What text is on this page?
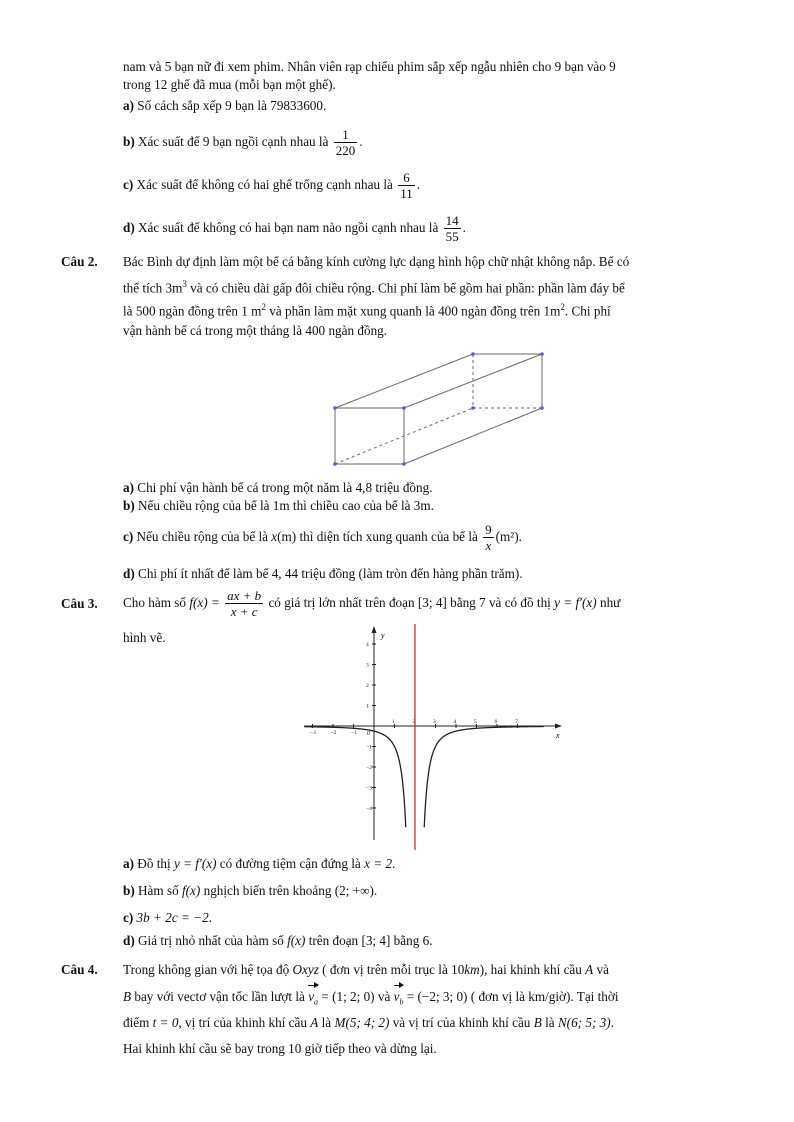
nam và 5 bạn nữ đi xem phim. Nhân viên rạp chiếu phim sắp xếp ngẫu nhiên cho 9 bạn vào 9
trong 12 ghế đã mua (mỗi bạn một ghế).
a) Số cách sắp xếp 9 bạn là 79833600.
b) Xác suất để 9 bạn ngồi cạnh nhau là $\frac{1}{220}$ .
c) Xác suất để không có hai ghế trống cạnh nhau là $\frac{6}{11}$ .
d) Xác suất để không có hai bạn nam nào ngồi cạnh nhau là $\frac{14}{55}$ .
Câu 2. Bác Bình dự định làm một bể cá bằng kính cường lực dạng hình hộp chữ nhật không nắp. Bể có
thể tích $3m^3$ và có chiều dài gấp đôi chiều rộng. Chi phí làm bể gồm hai phần: phần làm đáy bể
là 500 ngàn đồng trên 1 $m^2$ và phần làm mặt xung quanh là 400 ngàn đồng trên $1m^2$. Chi phí
vận hành bể cá trong một tháng là 400 ngàn đồng.
a) Chi phí vận hành bể cá trong một năm là 4,8 triệu đồng.
b) Nếu chiều rộng của bể là 1m thì chiều cao của bể là 3m.
c) Nếu chiều rộng của bể là x(m) thì diện tích xung quanh của bể là $\frac{9}{x} (m^2)$.
d) Chi phí ít nhất để làm bể 4, 44 triệu đồng (làm tròn đến hàng phần trăm).
Câu 3. Cho hàm số $f(x) = \frac{ax + b}{x + c}$ có giá trị lớn nhất trên đoạn [3; 4] bằng 7 và có đồ thị y = f′(x) như
hình vẽ.	4
3
2
1
−1
−2
−3
−4
−3	−2	−1
1	2	3	4	5	6	7
y
x
0
a) Đồ thị y = f′(x) có đường tiệm cận đứng là x = 2.
b) Hàm số f(x) nghịch biến trên khoảng (2; +∞).
c) 3b + 2c = −2.
d) Giá trị nhỏ nhất của hàm số f(x) trên đoạn [3; 4] bằng 6.
Câu 4. Trong không gian với hệ tọa độ Oxyz ( đơn vị trên mỗi trục là 10km), hai khinh khí cầu A và
B bay với vectơ vận tốc lần lượt là $v_a = (1$; 2; 0) và $v_b = (-2$; 3; 0) ( đơn vị là km/giờ). Tại thời
điểm t = 0, vị trí của khinh khí cầu A là M(5; 4; 2) và vị trí của khinh khí cầu B là N(6; 5; 3).
Hai khinh khí cầu sẽ bay trong 10 giờ tiếp theo và dừng lại.
